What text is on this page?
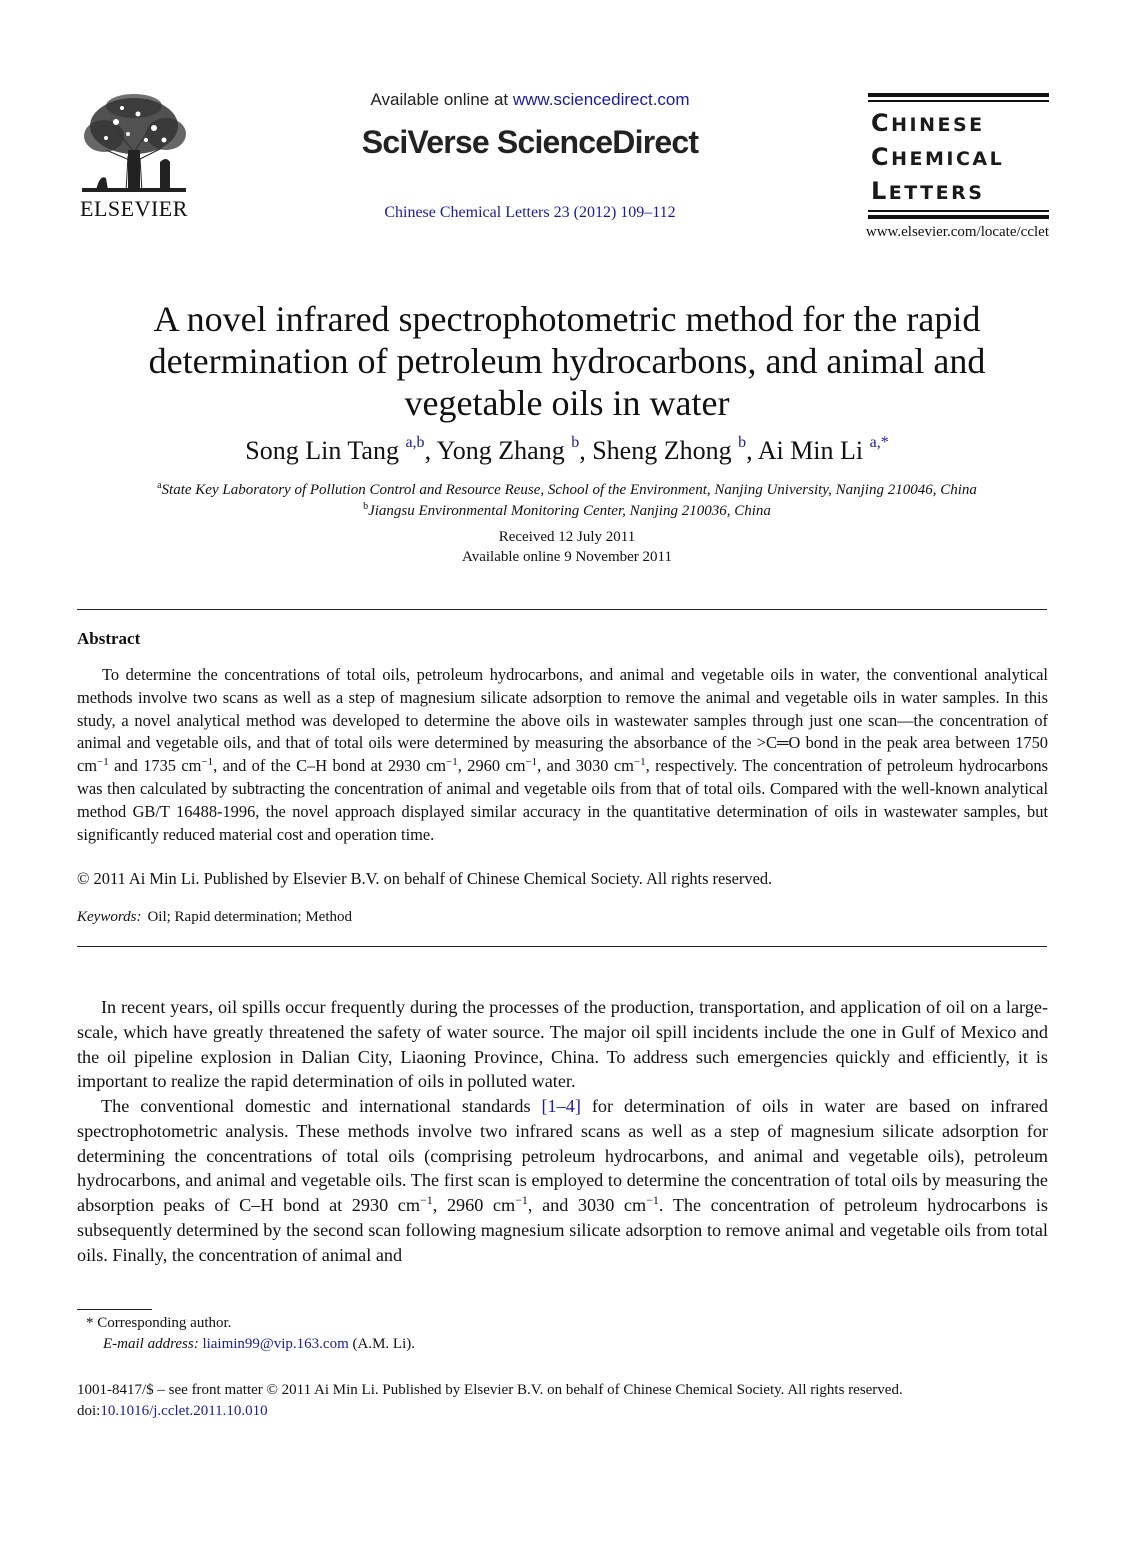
ELSEVIER
Available online at www.sciencedirect.com
SciVerse ScienceDirect
Chinese Chemical Letters 23 (2012) 109–112
CHINESE
CHEMICAL
LETTERS
www.elsevier.com/locate/cclet
A novel infrared spectrophotometric method for the rapid
determination of petroleum hydrocarbons, and animal and
vegetable oils in water
Song Lin Tang $^{a,b}$, Yong Zhang $^b$, Sheng Zhong $^b$, Ai Min Li $^{a,*}$
$^a$State Key Laboratory of Pollution Control and Resource Reuse, School of the Environment, Nanjing University, Nanjing 210046, China
$^b$Jiangsu Environmental Monitoring Center, Nanjing 210036, China
Received 12 July 2011
Available online 9 November 2011
Abstract
To determine the concentrations of total oils, petroleum hydrocarbons, and animal and vegetable oils in water, the conventional analytical methods involve two scans as well as a step of magnesium silicate adsorption to remove the animal and vegetable oils in water samples. In this study, a novel analytical method was developed to determine the above oils in wastewater samples through just one scan—the concentration of animal and vegetable oils, and that of total oils were determined by measuring the absorbance of the >C═O bond in the peak area between 1750 $cm^{-1}$ and 1735 $cm^{-1}$, and of the C–H bond at 2930 $cm^{-1}$, 2960 $cm^{-1}$, and 3030 $cm^{-1}$, respectively. The concentration of petroleum hydrocarbons was then calculated by subtracting the concentration of animal and vegetable oils from that of total oils. Compared with the well-known analytical method GB/T 16488-1996, the novel approach displayed similar accuracy in the quantitative determination of oils in wastewater samples, but significantly reduced material cost and operation time.
© 2011 Ai Min Li. Published by Elsevier B.V. on behalf of Chinese Chemical Society. All rights reserved.
Keywords: Oil; Rapid determination; Method
In recent years, oil spills occur frequently during the processes of the production, transportation, and application of oil on a large-scale, which have greatly threatened the safety of water source. The major oil spill incidents include the one in Gulf of Mexico and the oil pipeline explosion in Dalian City, Liaoning Province, China. To address such emergencies quickly and efficiently, it is important to realize the rapid determination of oils in polluted water.
The conventional domestic and international standards [1–4] for determination of oils in water are based on infrared spectrophotometric analysis. These methods involve two infrared scans as well as a step of magnesium silicate adsorption for determining the concentrations of total oils (comprising petroleum hydrocarbons, and animal and vegetable oils), petroleum hydrocarbons, and animal and vegetable oils. The first scan is employed to determine the concentration of total oils by measuring the absorption peaks of C–H bond at 2930 $cm^{-1}$, 2960 $cm^{-1}$, and 3030 $cm^{-1}$. The concentration of petroleum hydrocarbons is subsequently determined by the second scan following magnesium silicate adsorption to remove animal and vegetable oils from total oils. Finally, the concentration of animal and
* Corresponding author.
E-mail address: liaimin99@vip.163.com (A.M. Li).
1001-8417/$ – see front matter © 2011 Ai Min Li. Published by Elsevier B.V. on behalf of Chinese Chemical Society. All rights reserved.
doi:10.1016/j.cclet.2011.10.010
